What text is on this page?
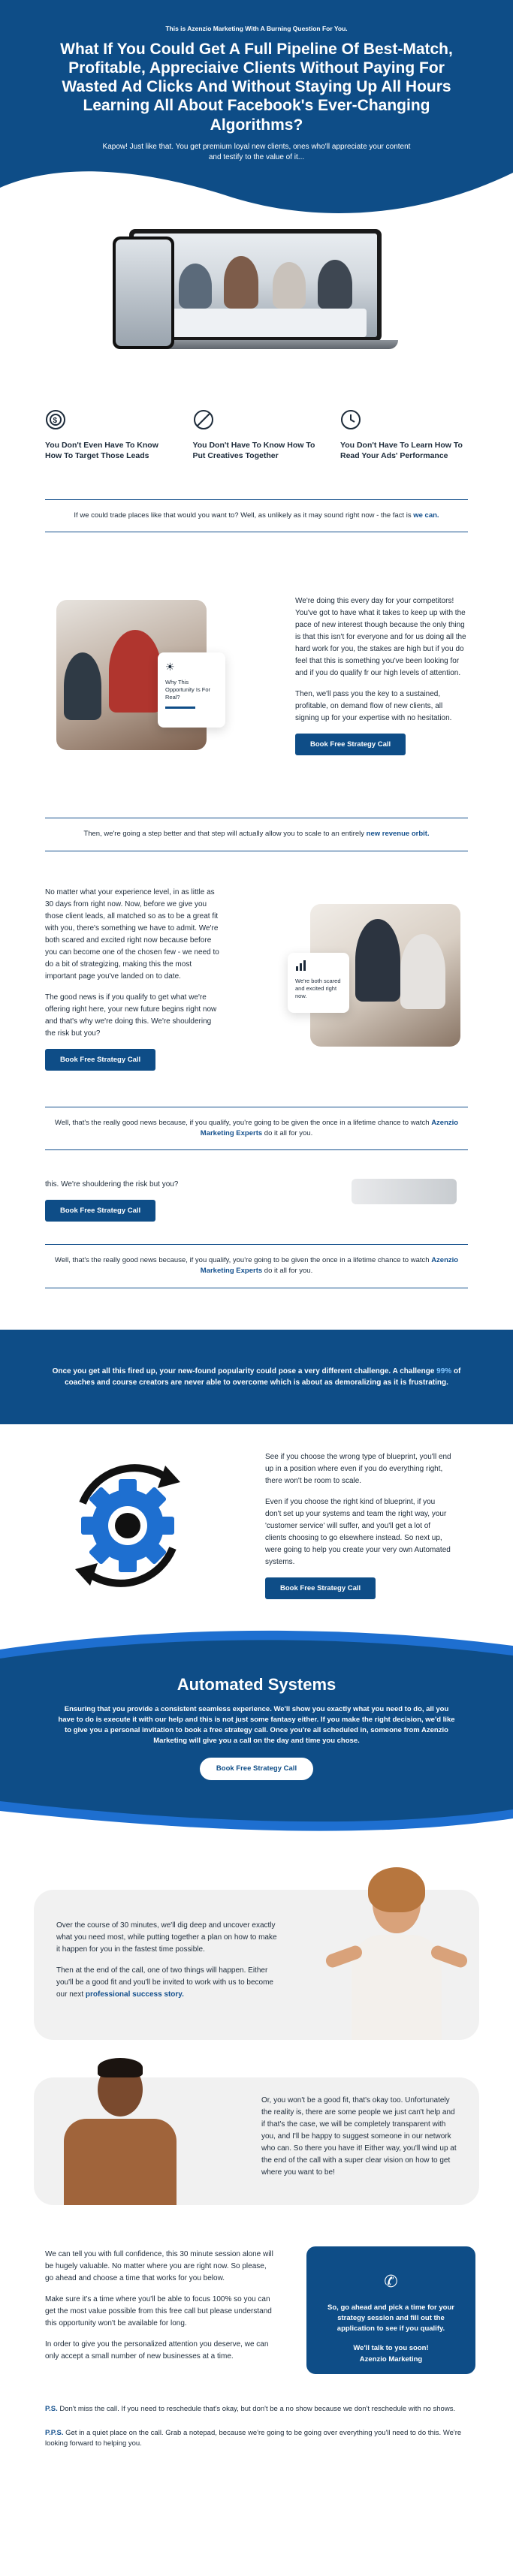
This is Azenzio Marketing With A Burning Question For You.
What If You Could Get A Full Pipeline Of Best-Match, Profitable, Appreciaive Clients Without Paying For Wasted Ad Clicks And Without Staying Up All Hours Learning All About Facebook's Ever-Changing Algorithms?

Kapow! Just like that. You get premium loyal new clients, ones who'll appreciate your content and testify to the value of it...

$
You Don't Even Have To Know How To Target Those Leads
You Don't Have To Know How To Put Creatives Together
You Don't Have To Learn How To Read Your Ads' Performance
If we could trade places like that would you want to? Well, as unlikely as it may sound right now - the fact is we can.
☀
Why This Opportunity Is For Real?

We're doing this every day for your competitors! You've got to have what it takes to keep up with the pace of new interest though because the only thing is that this isn't for everyone and for us doing all the hard work for you, the stakes are high but if you do feel that this is something you've been looking for and if you do qualify fr our high levels of attention.

Then, we'll pass you the key to a sustained, profitable, on demand flow of new clients, all signing up for your expertise with no hesitation.

Book Free Strategy Call
Then, we're going a step better and that step will actually allow you to scale to an entirely new revenue orbit.

No matter what your experience level, in as little as 30 days from right now. Now, before we give you those client leads, all matched so as to be a great fit with you, there's something we have to admit. We're both scared and excited right now because before you can become one of the chosen few - we need to do a bit of strategizing, making this the most important page you've landed on to date.

The good news is if you qualify to get what we're offering right here, your new future begins right now and that's why we're doing this. We're shouldering the risk but you?

Book Free Strategy Call
We're both scared and excited right now.
Well, that's the really good news because, if you qualify, you're going to be given the once in a lifetime chance to watch Azenzio Marketing Experts do it all for you.

this. We're shouldering the risk but you?

Book Free Strategy Call
Well, that's the really good news because, if you qualify, you're going to be given the once in a lifetime chance to watch Azenzio Marketing Experts do it all for you.
Once you get all this fired up, your new-found popularity could pose a very different challenge. A challenge 99% of coaches and course creators are never able to overcome which is about as demoralizing as it is frustrating.

See if you choose the wrong type of blueprint, you'll end up in a position where even if you do everything right, there won't be room to scale.

Even if you choose the right kind of blueprint, if you don't set up your systems and team the right way, your 'customer service' will suffer, and you'll get a lot of clients choosing to go elsewhere instead. So next up, were going to help you create your very own Automated systems.

Book Free Strategy Call
Automated Systems

Ensuring that you provide a consistent seamless experience. We'll show you exactly what you need to do, all you have to do is execute it with our help and this is not just some fantasy either. If you make the right decision, we'd like to give you a personal invitation to book a free strategy call. Once you're all scheduled in, someone from Azenzio Marketing will give you a call on the day and time you chose.

Book Free Strategy Call

Over the course of 30 minutes, we'll dig deep and uncover exactly what you need most, while putting together a plan on how to make it happen for you in the fastest time possible.

Then at the end of the call, one of two things will happen. Either you'll be a good fit and you'll be invited to work with us to become our next professional success story.

Or, you won't be a good fit, that's okay too. Unfortunately the reality is, there are some people we just can't help and if that's the case, we will be completely transparent with you, and I'll be happy to suggest someone in our network who can. So there you have it! Either way, you'll wind up at the end of the call with a super clear vision on how to get where you want to be!

We can tell you with full confidence, this 30 minute session alone will be hugely valuable. No matter where you are right now. So please, go ahead and choose a time that works for you below.

Make sure it's a time where you'll be able to focus 100% so you can get the most value possible from this free call but please understand this opportunity won't be available for long.

In order to give you the personalized attention you deserve, we can only accept a small number of new businesses at a time.

✆

So, go ahead and pick a time for your strategy session and fill out the application to see if you qualify.

We'll talk to you soon!

Azenzio Marketing

P.S. Don't miss the call. If you need to reschedule that's okay, but don't be a no show because we don't reschedule with no shows.

P.P.S. Get in a quiet place on the call. Grab a notepad, because we're going to be going over everything you'll need to do this. We're looking forward to helping you.
